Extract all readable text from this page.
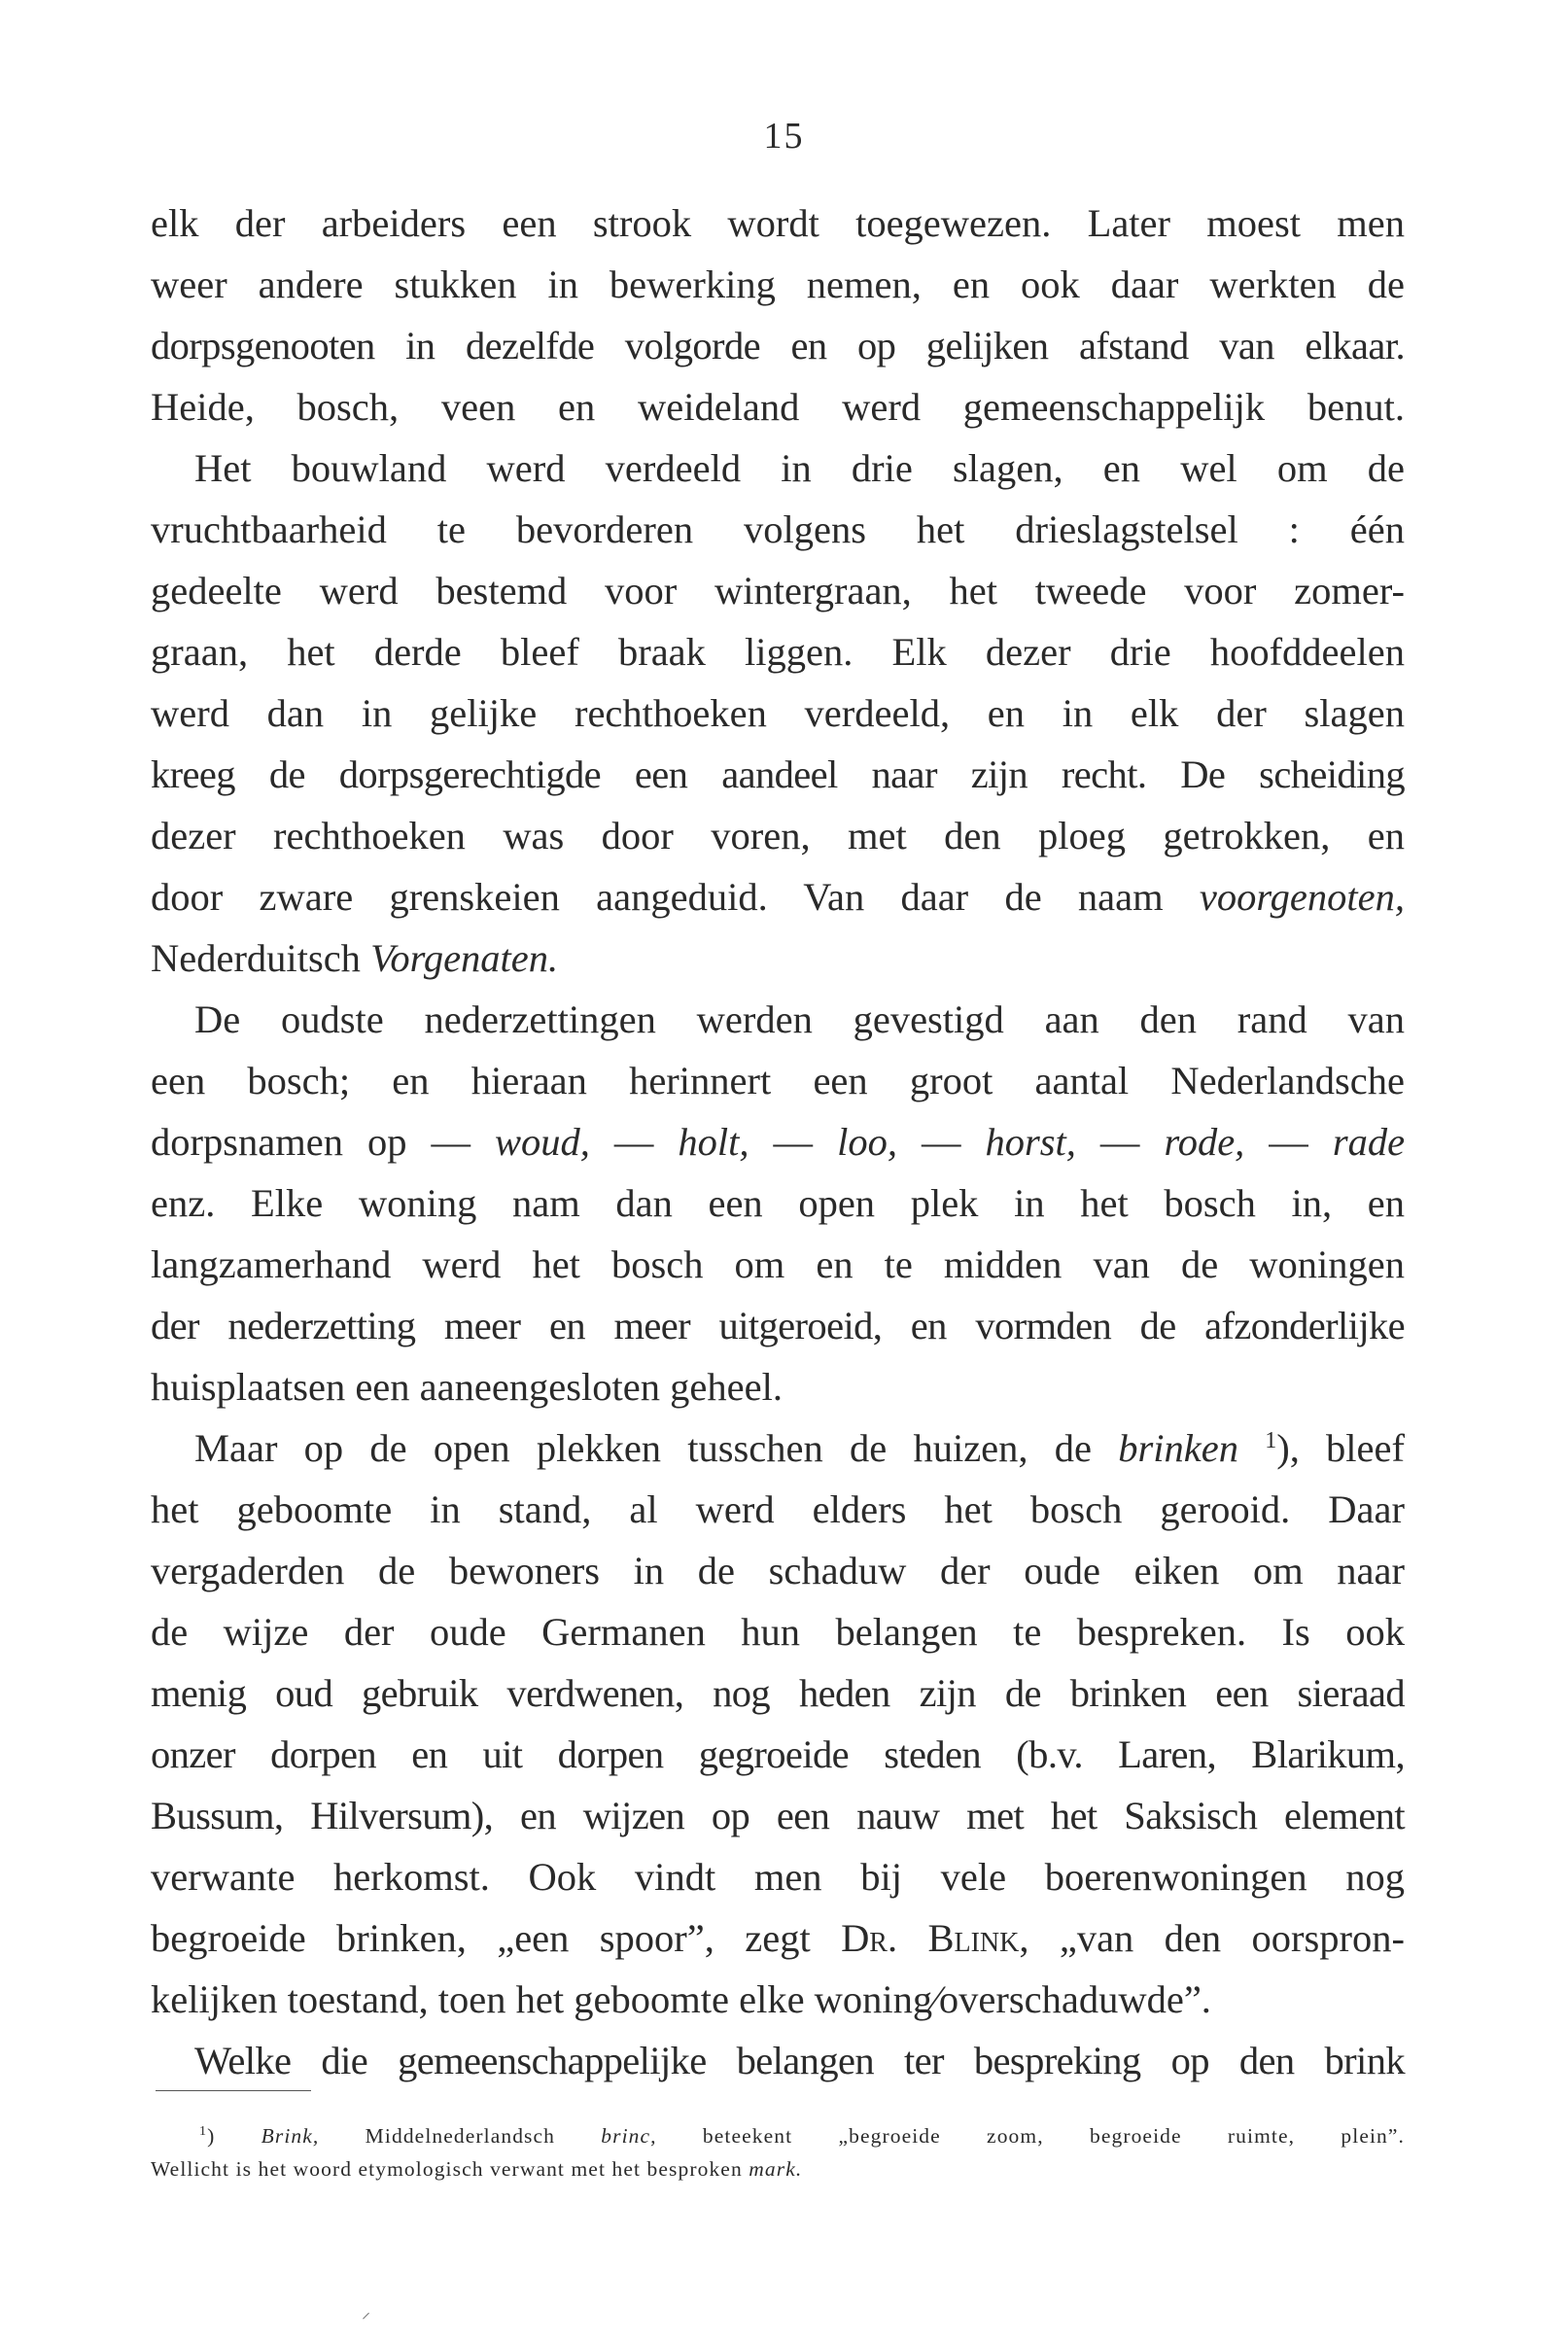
15

elk der arbeiders een strook wordt toegewezen. Later moest men
weer andere stukken in bewerking nemen, en ook daar werkten de
dorpsgenooten in dezelfde volgorde en op gelijken afstand van elkaar.
Heide, bosch, veen en weideland werd gemeenschappelijk benut.
Het bouwland werd verdeeld in drie slagen, en wel om de
vruchtbaarheid te bevorderen volgens het drieslagstelsel : één
gedeelte werd bestemd voor wintergraan, het tweede voor zomer-
graan, het derde bleef braak liggen. Elk dezer drie hoofddeelen
werd dan in gelijke rechthoeken verdeeld, en in elk der slagen
kreeg de dorpsgerechtigde een aandeel naar zijn recht. De scheiding
dezer rechthoeken was door voren, met den ploeg getrokken, en
door zware grenskeien aangeduid. Van daar de naam voorgenoten,
Nederduitsch Vorgenaten.
De oudste nederzettingen werden gevestigd aan den rand van
een bosch; en hieraan herinnert een groot aantal Nederlandsche
dorpsnamen op — woud, — holt, — loo, — horst, — rode, — rade
enz. Elke woning nam dan een open plek in het bosch in, en
langzamerhand werd het bosch om en te midden van de woningen
der nederzetting meer en meer uitgeroeid, en vormden de afzonderlijke
huisplaatsen een aaneengesloten geheel.
Maar op de open plekken tusschen de huizen, de brinken $^1$), bleef
het geboomte in stand, al werd elders het bosch gerooid. Daar
vergaderden de bewoners in de schaduw der oude eiken om naar
de wijze der oude Germanen hun belangen te bespreken. Is ook
menig oud gebruik verdwenen, nog heden zijn de brinken een sieraad
onzer dorpen en uit dorpen gegroeide steden (b.v. Laren, Blarikum,
Bussum, Hilversum), en wijzen op een nauw met het Saksisch element
verwante herkomst. Ook vindt men bij vele boerenwoningen nog
begroeide brinken, „een spoor”, zegt Dr. Blink, „van den oorspron-
kelijken toestand, toen het geboomte elke woning⁄overschaduwde”.
Welke die gemeenschappelijke belangen ter bespreking op den brink
$^1$) Brink, Middelnederlandsch brinc, beteekent „begroeide zoom, begroeide ruimte, plein”.
Wellicht is het woord etymologisch verwant met het besproken mark.
⸝
